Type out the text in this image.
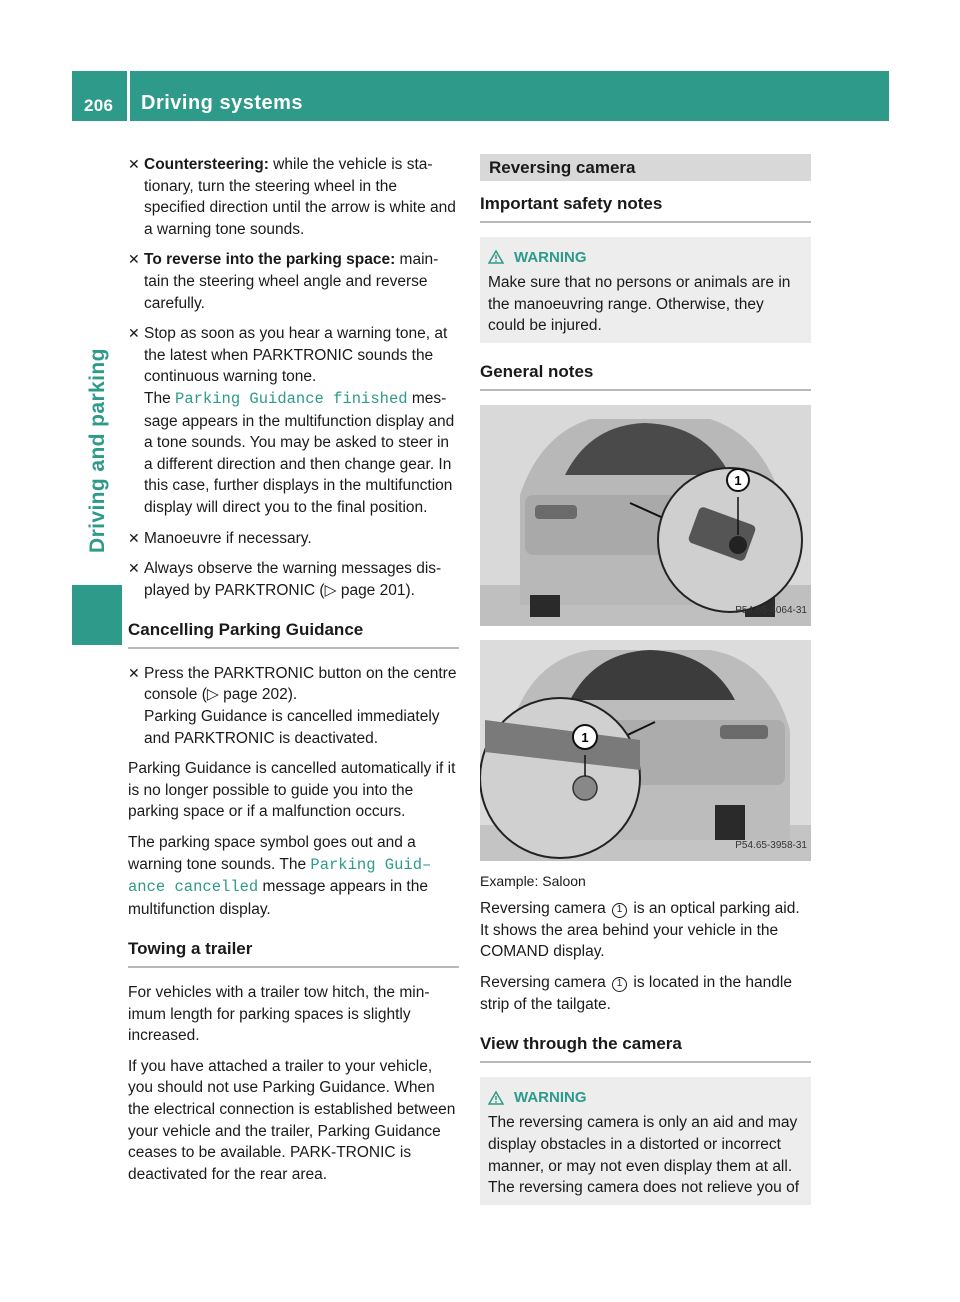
206 Driving systems
Driving and parking
✕ Countersteering: while the vehicle is sta-tionary, turn the steering wheel in the specified direction until the arrow is white and a warning tone sounds.
✕ To reverse into the parking space: main-tain the steering wheel angle and reverse carefully.
✕ Stop as soon as you hear a warning tone, at the latest when PARKTRONIC sounds the continuous warning tone.
The Parking Guidance finished mes-sage appears in the multifunction display and a tone sounds. You may be asked to steer in a different direction and then change gear. In this case, further displays in the multifunction display will direct you to the final position.
✕ Manoeuvre if necessary.
✕ Always observe the warning messages dis-played by PARKTRONIC (▷ page 201).
Cancelling Parking Guidance
✕ Press the PARKTRONIC button on the centre console (▷ page 202).
Parking Guidance is cancelled immediately and PARKTRONIC is deactivated.
Parking Guidance is cancelled automatically if it is no longer possible to guide you into the parking space or if a malfunction occurs.
The parking space symbol goes out and a warning tone sounds. The Parking Guid– ance cancelled message appears in the multifunction display.
Towing a trailer
For vehicles with a trailer tow hitch, the min-imum length for parking spaces is slightly increased.
If you have attached a trailer to your vehicle, you should not use Parking Guidance. When the electrical connection is established between your vehicle and the trailer, Parking Guidance ceases to be available. PARK-TRONIC is deactivated for the rear area.
Reversing camera
Important safety notes
WARNING
Make sure that no persons or animals are in the manoeuvring range. Otherwise, they could be injured.
General notes
1
P54.65-4064-31
1
P54.65-3958-31
Example: Saloon
Reversing camera 1 is an optical parking aid. It shows the area behind your vehicle in the COMAND display.
Reversing camera 1 is located in the handle strip of the tailgate.
View through the camera
WARNING
The reversing camera is only an aid and may display obstacles in a distorted or incorrect manner, or may not even display them at all. The reversing camera does not relieve you of
